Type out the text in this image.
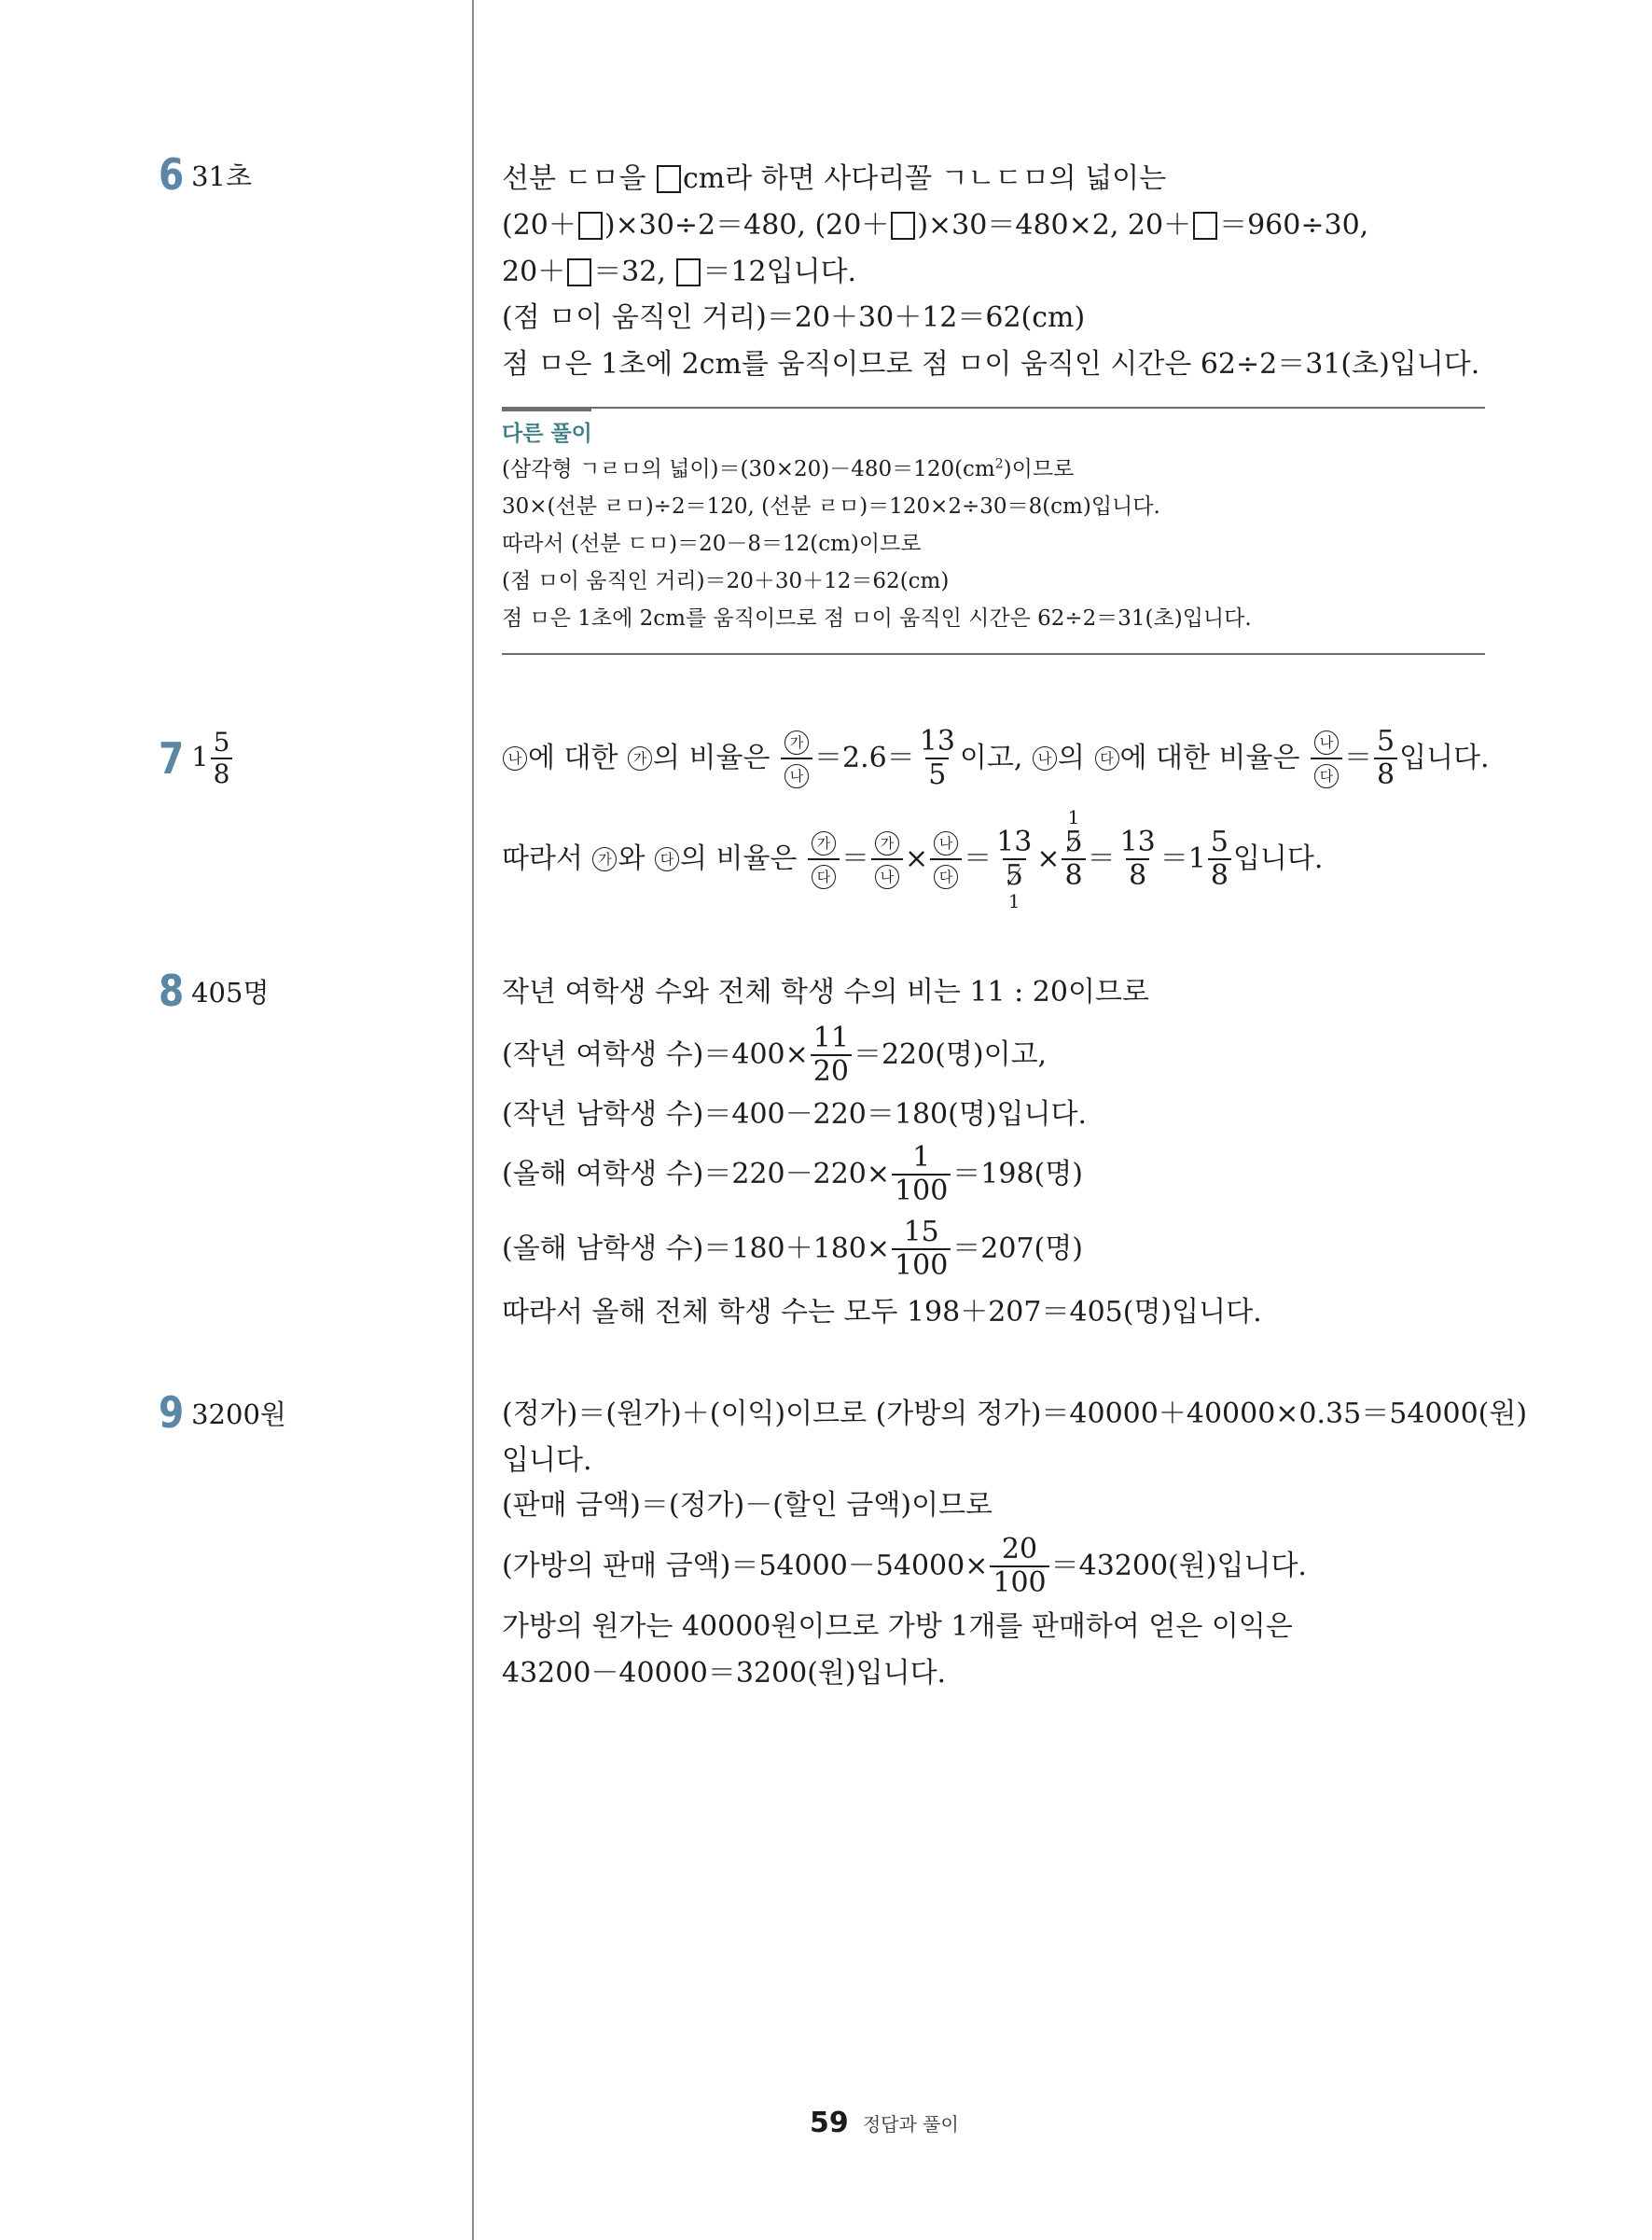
6 31초	선분 ㄷㅁ을 cm라 하면 사다리꼴 ㄱㄴㄷㅁ의 넓이는
(20＋ )×30÷2＝480, (20＋ )×30＝480×2, 20＋ ＝960÷30,
20＋ ＝32, ＝12입니다.
(점 ㅁ이 움직인 거리)＝20＋30＋12＝62(cm)
점 ㅁ은 1초에 2cm를 움직이므로 점 ㅁ이 움직인 시간은 62÷2＝31(초)입니다.
다른 풀이
(삼각형 ㄱㄹㅁ의 넓이)$=(30\times 20)-480=120(cm^2)$이므로
30×(선분 ㄹㅁ)÷2＝120, (선분 ㄹㅁ)＝120×2÷30＝8(cm)입니다.
따라서 (선분 ㄷㅁ)＝20－8＝12(cm)이므로
(점 ㅁ이 움직인 거리)＝20＋30＋12＝62(cm)
점 ㅁ은 1초에 2cm를 움직이므로 점 ㅁ이 움직인 시간은 62÷2＝31(초)입니다.
7 $1 \frac{5}{8}$	나 에 대한 가 의 비율은 $\frac{\text{가}}{\text{나}} =2.6= \frac{13}{5}$ 이고, 나 의 다 에 대한 비율은 $\frac{\text{나}}{\text{다}} = \frac{5}{8}$ 입니다.
따라서 가 와 다 의 비율은 $\frac{\text{가}}{\text{다}} = \frac{\text{가}}{\text{나}} \times \frac{\text{나}}{\text{다}} = 13$
5
1 × 1
5
$8 = \frac{13}{8} =1 \frac{5}{8}$ 입니다.
8 405명	작년 여학생 수와 전체 학생 수의 비는 11 : 20이므로
(작년 여학생 수)$=400\times \frac{11}{20} =220$(명)이고,
(작년 남학생 수)＝400－220＝180(명)입니다.
(올해 여학생 수)$=220-220\times \frac{1}{100} =198$(명)
(올해 남학생 수)$=180+180\times \frac{15}{100} =207$(명)
따라서 올해 전체 학생 수는 모두 198＋207＝405(명)입니다.
9 3200원	(정가)＝(원가)＋(이익)이므로 (가방의 정가)＝40000＋40000×0.35＝54000(원)
입니다.
(판매 금액)＝(정가)－(할인 금액)이므로
(가방의 판매 금액)$=54000-54000\times \frac{20}{100} =43200$(원)입니다.
가방의 원가는 40000원이므로 가방 1개를 판매하여 얻은 이익은
43200－40000＝3200(원)입니다.
59 정답과 풀이
